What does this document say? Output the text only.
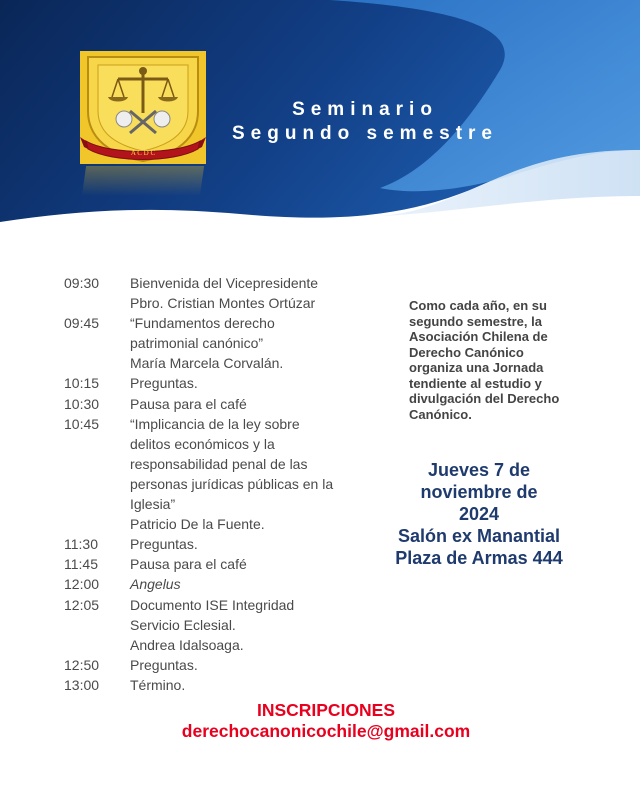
A C D C
Seminario
Segundo semestre
09:30	Bienvenida del Vicepresidente
Pbro. Cristian Montes Ortúzar
09:45	“Fundamentos derecho
patrimonial canónico”
María Marcela Corvalán.
10:15	Preguntas.
10:30	Pausa para el café
10:45	“Implicancia de la ley sobre
delitos económicos y la
responsabilidad penal de las
personas jurídicas públicas en la
Iglesia”
Patricio De la Fuente.
11:30	Preguntas.
11:45	Pausa para el café
12:00	Angelus
12:05	Documento ISE Integridad
Servicio Eclesial.
Andrea Idalsoaga.
12:50	Preguntas.
13:00	Término.
Como cada año, en su
segundo semestre, la
Asociación Chilena de
Derecho Canónico
organiza una Jornada
tendiente al estudio y
divulgación del Derecho
Canónico.
Jueves 7 de
noviembre de
2024
Salón ex Manantial
Plaza de Armas 444
INSCRIPCIONES
derechocanonicochile@gmail.com
